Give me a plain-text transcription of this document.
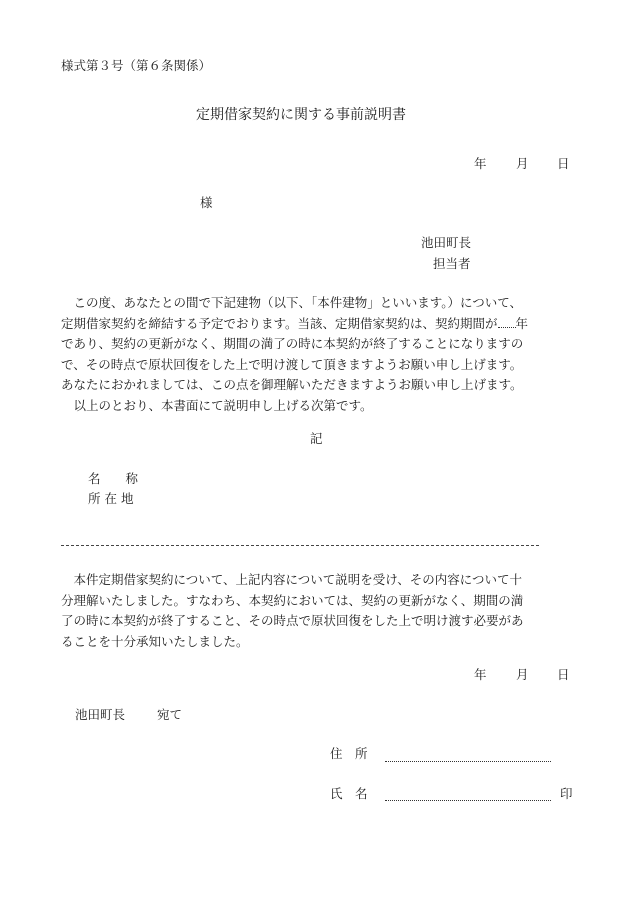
様式第３号（第６条関係）
定期借家契約に関する事前説明書
年 月 日
様
池田町長
担当者
　この度、あなたとの間で下記建物（以下、「本件建物」といいます。）について、
定期借家契約を締結する予定でおります。当該、定期借家契約は、契約期間が 年
であり、契約の更新がなく、期間の満了の時に本契約が終了することになりますの
で、その時点で原状回復をした上で明け渡して頂きますようお願い申し上げます。
あなたにおかれましては、この点を御理解いただきますようお願い申し上げます。
　以上のとおり、本書面にて説明申し上げる次第です。
記
名　　称
所 在 地
　本件定期借家契約について、上記内容について説明を受け、その内容について十
分理解いたしました。すなわち、本契約においては、契約の更新がなく、期間の満
了の時に本契約が終了すること、その時点で原状回復をした上で明け渡す必要があ
ることを十分承知いたしました。
年 月 日
池田町長	宛て
住　所
氏　名	印
